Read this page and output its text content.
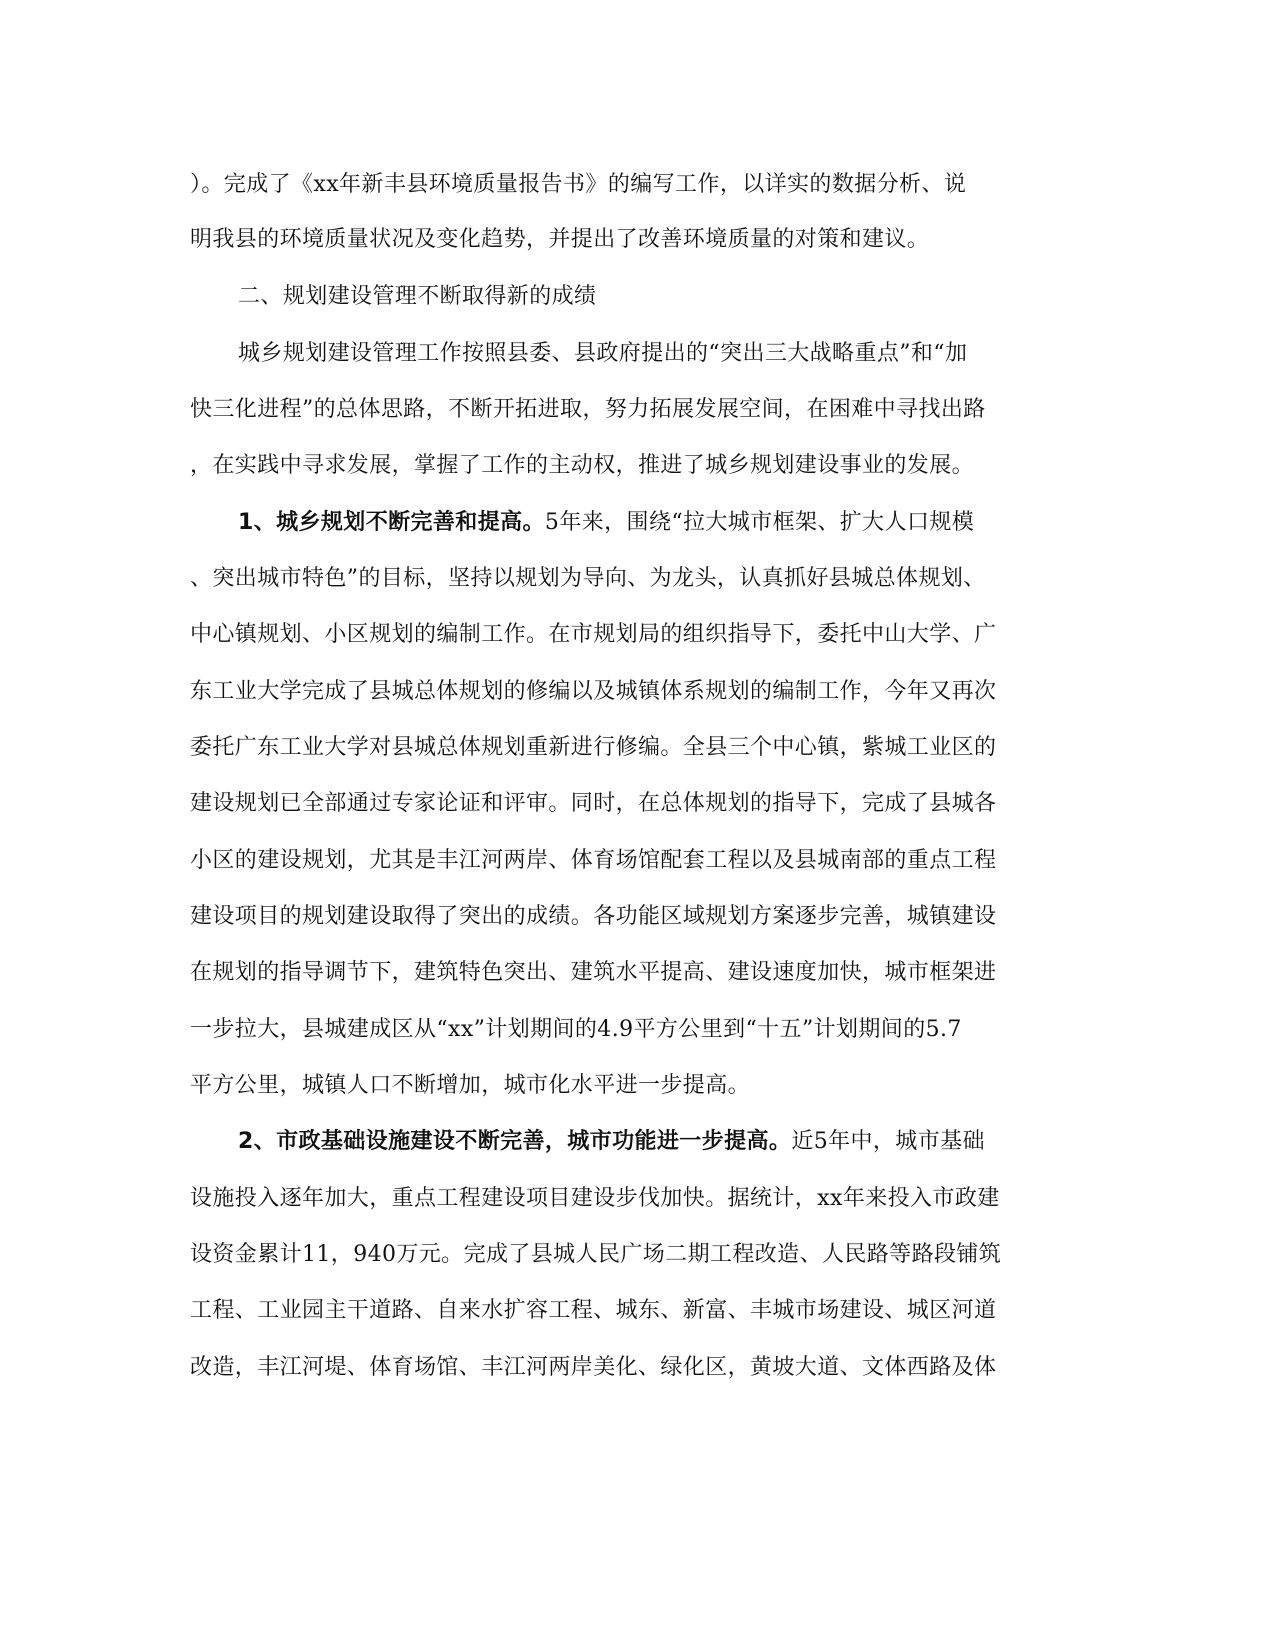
）。完成了《xx年新丰县环境质量报告书》的编写工作，以详实的数据分析、说
明我县的环境质量状况及变化趋势，并提出了改善环境质量的对策和建议。
二、规划建设管理不断取得新的成绩
城乡规划建设管理工作按照县委、县政府提出的“突出三大战略重点”和“加
快三化进程”的总体思路，不断开拓进取，努力拓展发展空间，在困难中寻找出路
，在实践中寻求发展，掌握了工作的主动权，推进了城乡规划建设事业的发展。
1、城乡规划不断完善和提高。5年来，围绕“拉大城市框架、扩大人口规模
、突出城市特色”的目标，坚持以规划为导向、为龙头，认真抓好县城总体规划、
中心镇规划、小区规划的编制工作。在市规划局的组织指导下，委托中山大学、广
东工业大学完成了县城总体规划的修编以及城镇体系规划的编制工作，今年又再次
委托广东工业大学对县城总体规划重新进行修编。全县三个中心镇，紫城工业区的
建设规划已全部通过专家论证和评审。同时，在总体规划的指导下，完成了县城各
小区的建设规划，尤其是丰江河两岸、体育场馆配套工程以及县城南部的重点工程
建设项目的规划建设取得了突出的成绩。各功能区域规划方案逐步完善，城镇建设
在规划的指导调节下，建筑特色突出、建筑水平提高、建设速度加快，城市框架进
一步拉大，县城建成区从“xx”计划期间的4.9平方公里到“十五”计划期间的5.7
平方公里，城镇人口不断增加，城市化水平进一步提高。
2、市政基础设施建设不断完善，城市功能进一步提高。近5年中，城市基础
设施投入逐年加大，重点工程建设项目建设步伐加快。据统计，xx年来投入市政建
设资金累计11，940万元。完成了县城人民广场二期工程改造、人民路等路段铺筑
工程、工业园主干道路、自来水扩容工程、城东、新富、丰城市场建设、城区河道
改造，丰江河堤、体育场馆、丰江河两岸美化、绿化区，黄坡大道、文体西路及体
